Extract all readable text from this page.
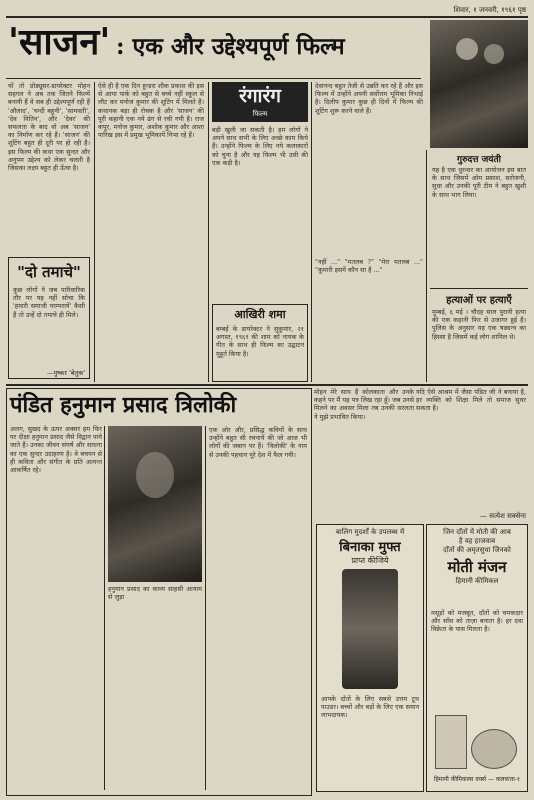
शिवार, १ जनवरी, १९६१ पृष्ठ
'साजन' : एक और उद्देश्यपूर्ण फिल्म
यों तो प्रोड्यूसर-डायरेक्टर मोहन सहगल ने अब तक जितने फिल्में बनायी हैं वे सब ही उद्देश्यपूर्ण रही हैं 'औलाद', 'चन्दी बहूनी', 'सामवती', 'देव नितिन', और 'देवर' की सफलता के बाद वो अब 'साजन' का निर्माण कर रहे हैं। 'साजन' की शूटिंग बहुत ही दूरी पर हो रही है। इस फिल्म की कथा एक सुन्दर और अनुपम उद्देश्य को लेकर चलती है जिसका लक्ष्य बहुत ही ऊँचा है।
"दो तमाचे"
कुछ लोगों ने जब पारिवारिक तौर पर यह नहीं सोचा कि 'हमारी समाजी परम्परायें' कैसी हैं तो उन्हें दो तमाचे ही मिले।
—पुष्कर 'बेतुक'
ऐसे ही है एक दिन हुन्डरा शौक प्रकाश की इस से आया पार्क को बहुत से बच्चे नहीं स्कूल से लौट कर मनोज कुमार की शूटिंग में मिलते हैं। कथानक बड़ा ही रोचक है और 'साजन' की पूरी कहानी एक नये ढंग से रची गयी है। राज कपूर, मनोज कुमार, अशोक कुमार और आशा पारिख इस में प्रमुख भूमिकायें निभा रहे हैं।
रंगारंग
फिल्म
बड़ी खुली जा सकती है। हम लोगों ने अपने साथ सभी के लिए अच्छे काम किये हैं। उन्होंने फिल्म के लिए नये कलाकारों को चुना है और यह फिल्म भी उसी की एक कड़ी है।
आखिरी शमा
बम्बई के डायरेक्टर ने सुकुमार, २१ अगस्त, १९६१ की शाम को नायक के गीत के साथ ही फिल्म का उद्घाटन मुहूर्त किया है।
देवानन्द बहुत तेजी से उन्नति कर रहे हैं और इस फिल्म में उन्होंने अपनी सर्वोत्तम भूमिका निभाई है। दिलीप कुमार कुछ ही दिनों में फिल्म की शूटिंग शुरू करने वाले हैं।
"नहीं ..." "मतलब ?" "मेरा मतलब ..." "कुमारी इसमें कौन सा है ..."
गुरुदत्त जयंती
यह है एक धुरन्धर का आयोजन इस बात के साथ जिसमें ओम प्रकाश, सरोजनी, सुधा और उनकी पूरी टीम ने बहुत खुशी के साथ भाग लिया।
हत्याओं पर हत्याएँ
मुम्बई, ६ मई । चौदह साल पुरानी हत्या की एक कहानी फिर से उजागर हुई है। पुलिस के अनुसार यह एक षड्यन्त्र का हिस्सा है जिसमें कई लोग शामिल थे।
पंडित हनुमान प्रसाद त्रिलोकी
अलग, सुखद के ऊपर अक्सर हम फिर पर दीक्षा हनुमान प्रसाद जैसे विद्वान पाये जाते हैं। उनका जीवन संघर्ष और साधना का एक सुन्दर उदाहरण है। वे बचपन से ही कविता और संगीत के प्रति अत्यन्त आकर्षित रहे।
हनुमान प्रसाद का काव्य साहसी आयाम से जुड़ा
एक ओर और, प्रसिद्ध कवियों के साथ उन्होंने बहुत सी रचनायें की जो आज भी लोगों की जबान पर हैं। 'त्रिलोकी' के नाम से उनकी पहचान पूरे देश में फैल गयी।
मोहन मेरे साथ हैं कोलकाता और उनके कहने पर मैं यह पत्र लिख रहा हूँ। जब उनसे मिलने का अवसर मिला तब उनकी सरलता ने मुझे प्रभावित किया।
यदि ऐसे आश्रम में जैसा पंडित जी ने बनाया है, हर व्यक्ति को शिक्षा मिले तो समाज सुधर सकता है।
— सत्येश सक्सेना
बालिग मुदर्शों के उपलब्ध में
बिनाका मुफ्त
प्राप्त कीजिये
आपके दाँतों के लिए सबसे उत्तम टूथ पाउडर। बच्चों और बड़ों के लिए एक समान लाभदायक।
जिन दाँतों में मोती की आब
है वह हाजवाब
दाँतों की अमृतसुधा जिनको
मोती मंजन
हिमानी कीमिकल
मसूड़ों को मजबूत, दाँतों को चमकदार और साँस को ताज़ा बनाता है। हर दवा विक्रेता के पास मिलता है।
हिमानी कीमिकल्स वर्क्स — कलकत्ता-१
